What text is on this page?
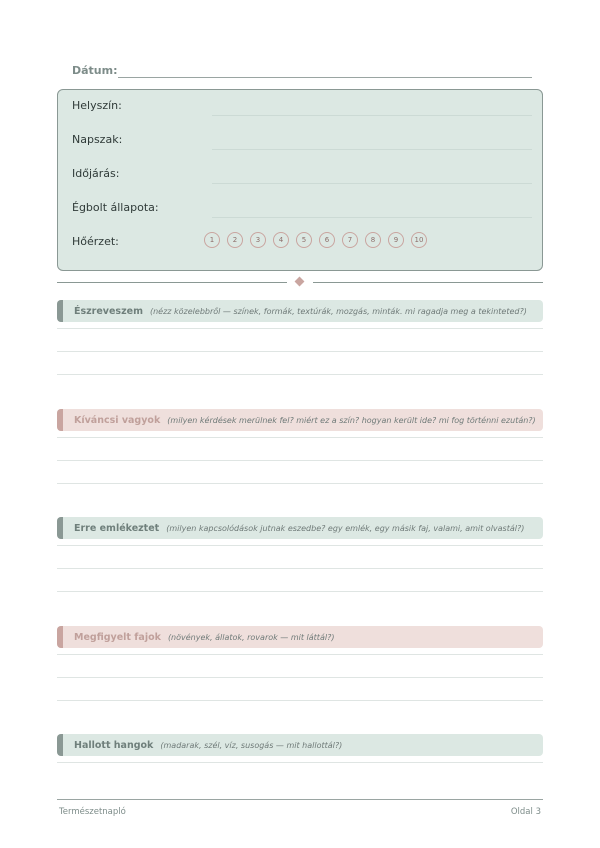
Dátum:
Helyszín:
Napszak:
Időjárás:
Égbolt állapota:
Hőérzet:	1	2	3	4	5	6	7	8	9	10
Észreveszem (nézz közelebbről — színek, formák, textúrák, mozgás, minták. mi ragadja meg a tekinteted?)
Kíváncsi vagyok (milyen kérdések merülnek fel? miért ez a szín? hogyan került ide? mi fog történni ezután?)
Erre emlékeztet (milyen kapcsolódások jutnak eszedbe? egy emlék, egy másik faj, valami, amit olvastál?)
Megfigyelt fajok (növények, állatok, rovarok — mit láttál?)
Hallott hangok (madarak, szél, víz, susogás — mit hallottál?)
Természetnapló	Oldal 3
